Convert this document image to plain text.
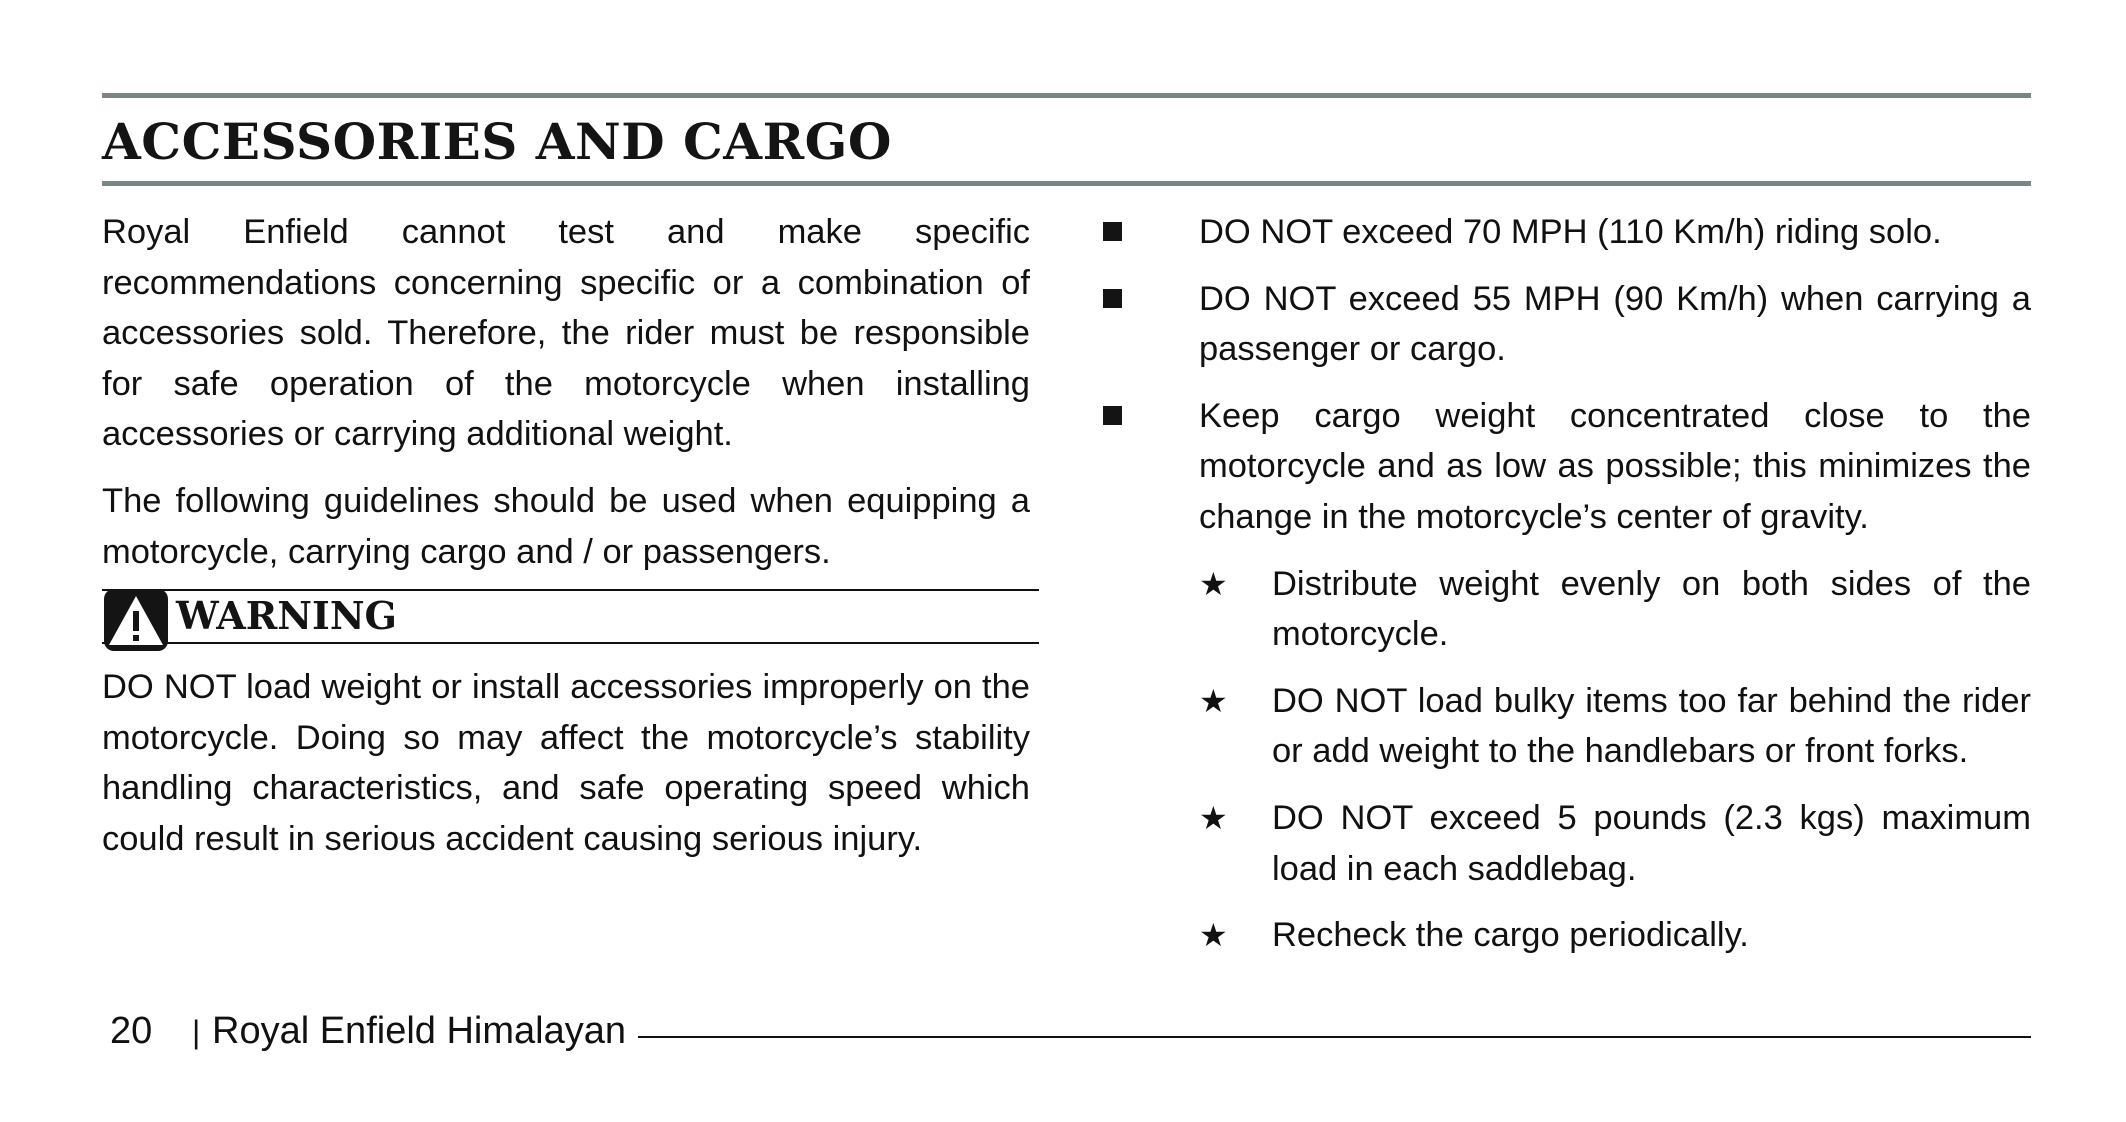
ACCESSORIES AND CARGO

Royal Enfield cannot test and make specific recommendations concerning specific or a combination of accessories sold. Therefore, the rider must be responsible for safe operation of the motorcycle when installing accessories or carrying additional weight.

The following guidelines should be used when equipping a motorcycle, carrying cargo and / or passengers.

WARNING

DO NOT load weight or install accessories improperly on the motorcycle. Doing so may affect the motorcycle’s stability handling characteristics, and safe operating speed which could result in serious accident causing serious injury.

DO NOT exceed 70 MPH (110 Km/h) riding solo.
DO NOT exceed 55 MPH (90 Km/h) when carrying a passenger or cargo.
Keep cargo weight concentrated close to the motorcycle and as low as possible; this minimizes the change in the motorcycle’s center of gravity.
★ Distribute weight evenly on both sides of the motorcycle.
★ DO NOT load bulky items too far behind the rider or add weight to the handlebars or front forks.
★ DO NOT exceed 5 pounds (2.3 kgs) maximum load in each saddlebag.
★ Recheck the cargo periodically.
20 | Royal Enfield Himalayan
